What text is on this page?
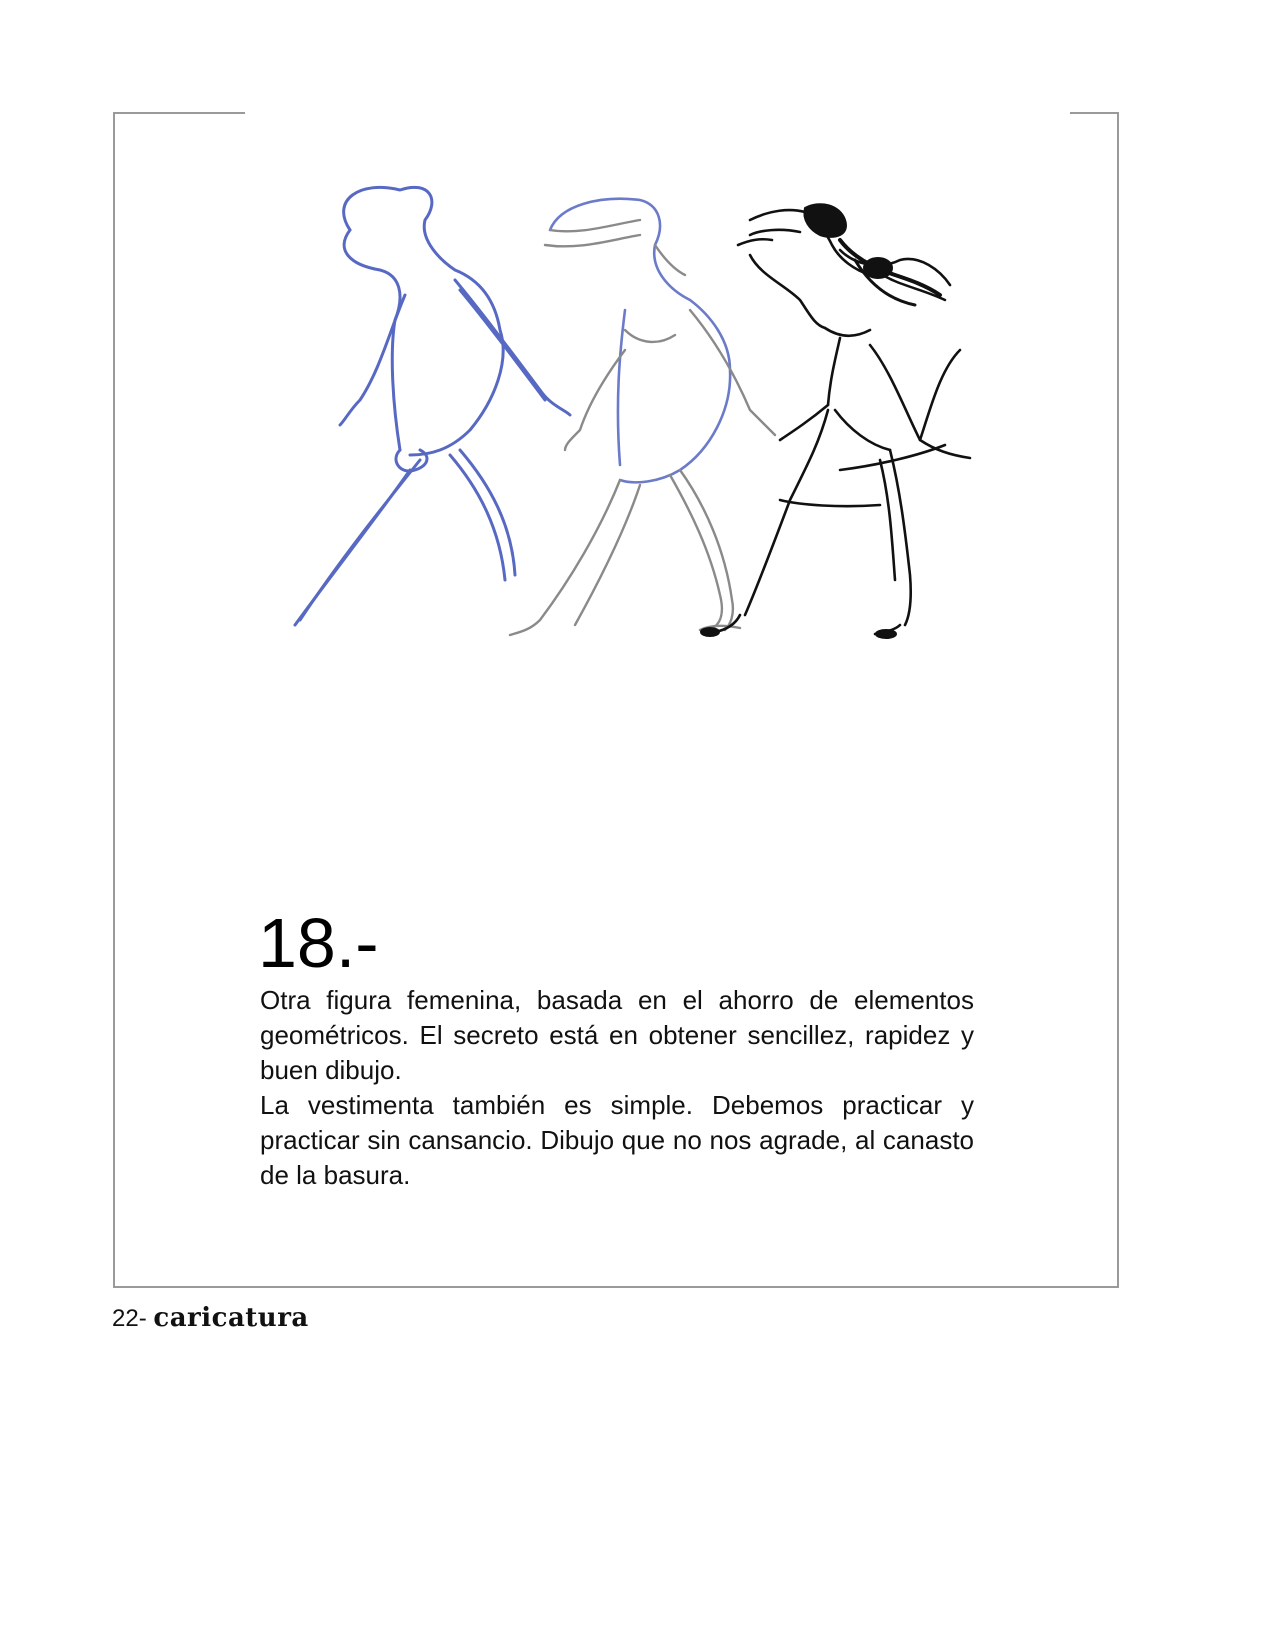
18.-

Otra figura femenina, basada en el ahorro de elementos geométricos. El secreto está en obtener sencillez, rapidez y buen dibujo.

La vestimenta también es simple. Debemos practicar y practicar sin cansancio. Dibujo que no nos agrade, al canasto de la basura.

22- caricatura
